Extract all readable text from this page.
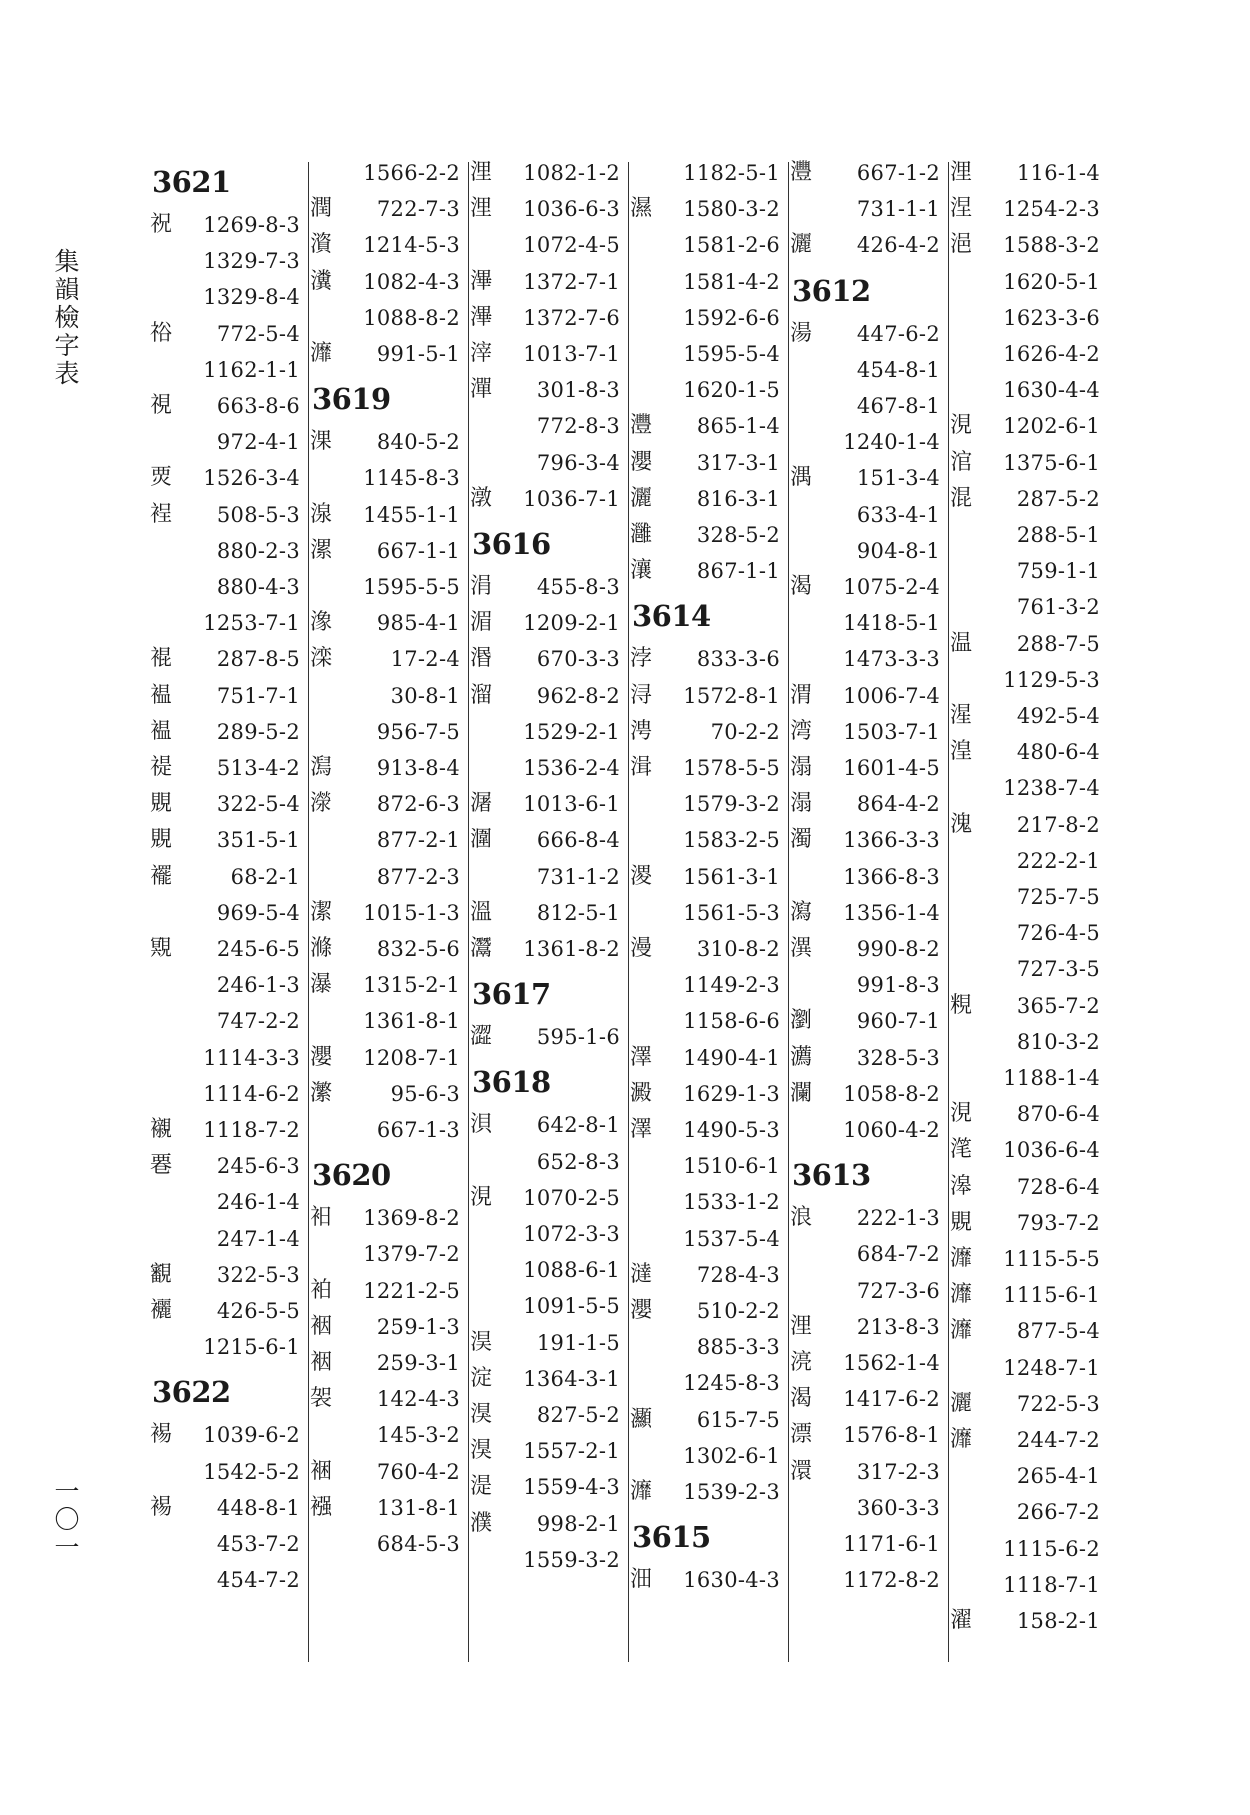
集
韻
檢
字
表
一
〇
一
3621
祝 1269-8-3
1329-7-3
1329-8-4
𥙿 772-5-4
1162-1-1
視 663-8-6
972-4-1
䙳 1526-3-4
裎 508-5-3
880-2-3
880-4-3
1253-7-1
裩 287-8-5
褞 751-7-1
褞 289-5-2
禔 513-4-2
覞 322-5-4
覞 351-5-1
襬	68-2-1
969-5-4
覭 245-6-5
246-1-3
747-2-2
1114-3-3
1114-6-2
襯 1118-7-2
䙴 245-6-3
246-1-4
247-1-4
覾 322-5-3
襹 426-5-5
1215-6-1
3622
裼 1039-6-2
1542-5-2
裼 448-8-1
453-7-2
454-7-2
1566-2-2
潤 722-7-3
澬 1214-5-3
瀵 1082-4-3
1088-8-2
灖 991-5-1
3619
淉 840-5-2
1145-8-3
湶 1455-1-1
漯 667-1-1
1595-5-5
潒 985-4-1
滦	17-2-4
30-8-1
956-7-5
澙 913-8-4
濴 872-6-3
877-2-1
877-2-3
潔 1015-1-3
滌 832-5-6
瀑 1315-2-1
1361-8-1
瀴 1208-7-1
瀿	95-6-3
667-1-3
3620
衵 1369-8-2
1379-7-2
袙 1221-2-5
裀 259-1-3
裀 259-3-1
袈 142-4-3
145-3-2
裍 760-4-2
襁 131-8-1
684-5-3
浬 1082-1-2
浬 1036-6-3
1072-4-5
滭 1372-7-1
滭 1372-7-6
滓 1013-7-1
潬 301-8-3
772-8-3
796-3-4
潡 1036-7-1
3616
涓 455-8-3
湄 1209-2-1
湣 670-3-3
溜 962-8-2
1529-2-1
1536-2-4
潳 1013-6-1
潿 666-8-4
731-1-2
溫 812-5-1
灊 1361-8-2
3617
澀 595-1-6
3618
浿 642-8-1
652-8-3
涀 1070-2-5
1072-3-3
1088-6-1
1091-5-5
淏 191-1-5
淀 1364-3-1
湨 827-5-2
湨 1557-2-1
湜 1559-4-3
濮 998-2-1
1559-3-2
1182-5-1
濕 1580-3-2
1581-2-6
1581-4-2
1592-6-6
1595-5-4
1620-1-5
灃 865-1-4
瀴 317-3-1
灑 816-3-1
灉 328-5-2
瀼 867-1-1
3614
浡 833-3-6
浔 1572-8-1
涄	70-2-2
湒 1578-5-5
1579-3-2
1583-2-5
溭 1561-3-1
1561-5-3
漫 310-8-2
1149-2-3
1158-6-6
澤 1490-4-1
澱 1629-1-3
澤 1490-5-3
1510-6-1
1533-1-2
1537-5-4
澾 728-4-3
瀴 510-2-2
885-3-3
1245-8-3
灦 615-7-5
1302-6-1
灖 1539-2-3
3615
沺 1630-4-3
灃 667-1-2
731-1-1
灑 426-4-2
3612
湯 447-6-2
454-8-1
467-8-1
1240-1-4
湡 151-3-4
633-4-1
904-8-1
渴 1075-2-4
1418-5-1
1473-3-3
渭 1006-7-4
湾 1503-7-1
溻 1601-4-5
溻 864-4-2
濁 1366-3-3
1366-8-3
瀉 1356-1-4
潩 990-8-2
991-8-3
瀏 960-7-1
瀳 328-5-3
瀾 1058-8-2
1060-4-2
3613
浪 222-1-3
684-7-2
727-3-6
浬 213-8-3
湸 1562-1-4
渴 1417-6-2
漂 1576-8-1
澴 317-2-3
360-3-3
1171-6-1
1172-8-2
浬 116-1-4
涅 1254-2-3
浥 1588-3-2
1620-5-1
1623-3-6
1626-4-2
1630-4-4
涀 1202-6-1
涫 1375-6-1
混 287-5-2
288-5-1
759-1-1
761-3-2
温 288-7-5
1129-5-3
湦 492-5-4
湟 480-6-4
1238-7-4
溾 217-8-2
222-2-1
725-7-5
726-4-5
727-3-5
粯 365-7-2
810-3-2
1188-1-4
涀 870-6-4
滗 1036-6-4
滜 728-6-4
覞 793-7-2
灖 1115-5-5
灖 1115-6-1
灖 877-5-4
1248-7-1
灑 722-5-3
灖 244-7-2
265-4-1
266-7-2
1115-6-2
1118-7-1
濯 158-2-1
